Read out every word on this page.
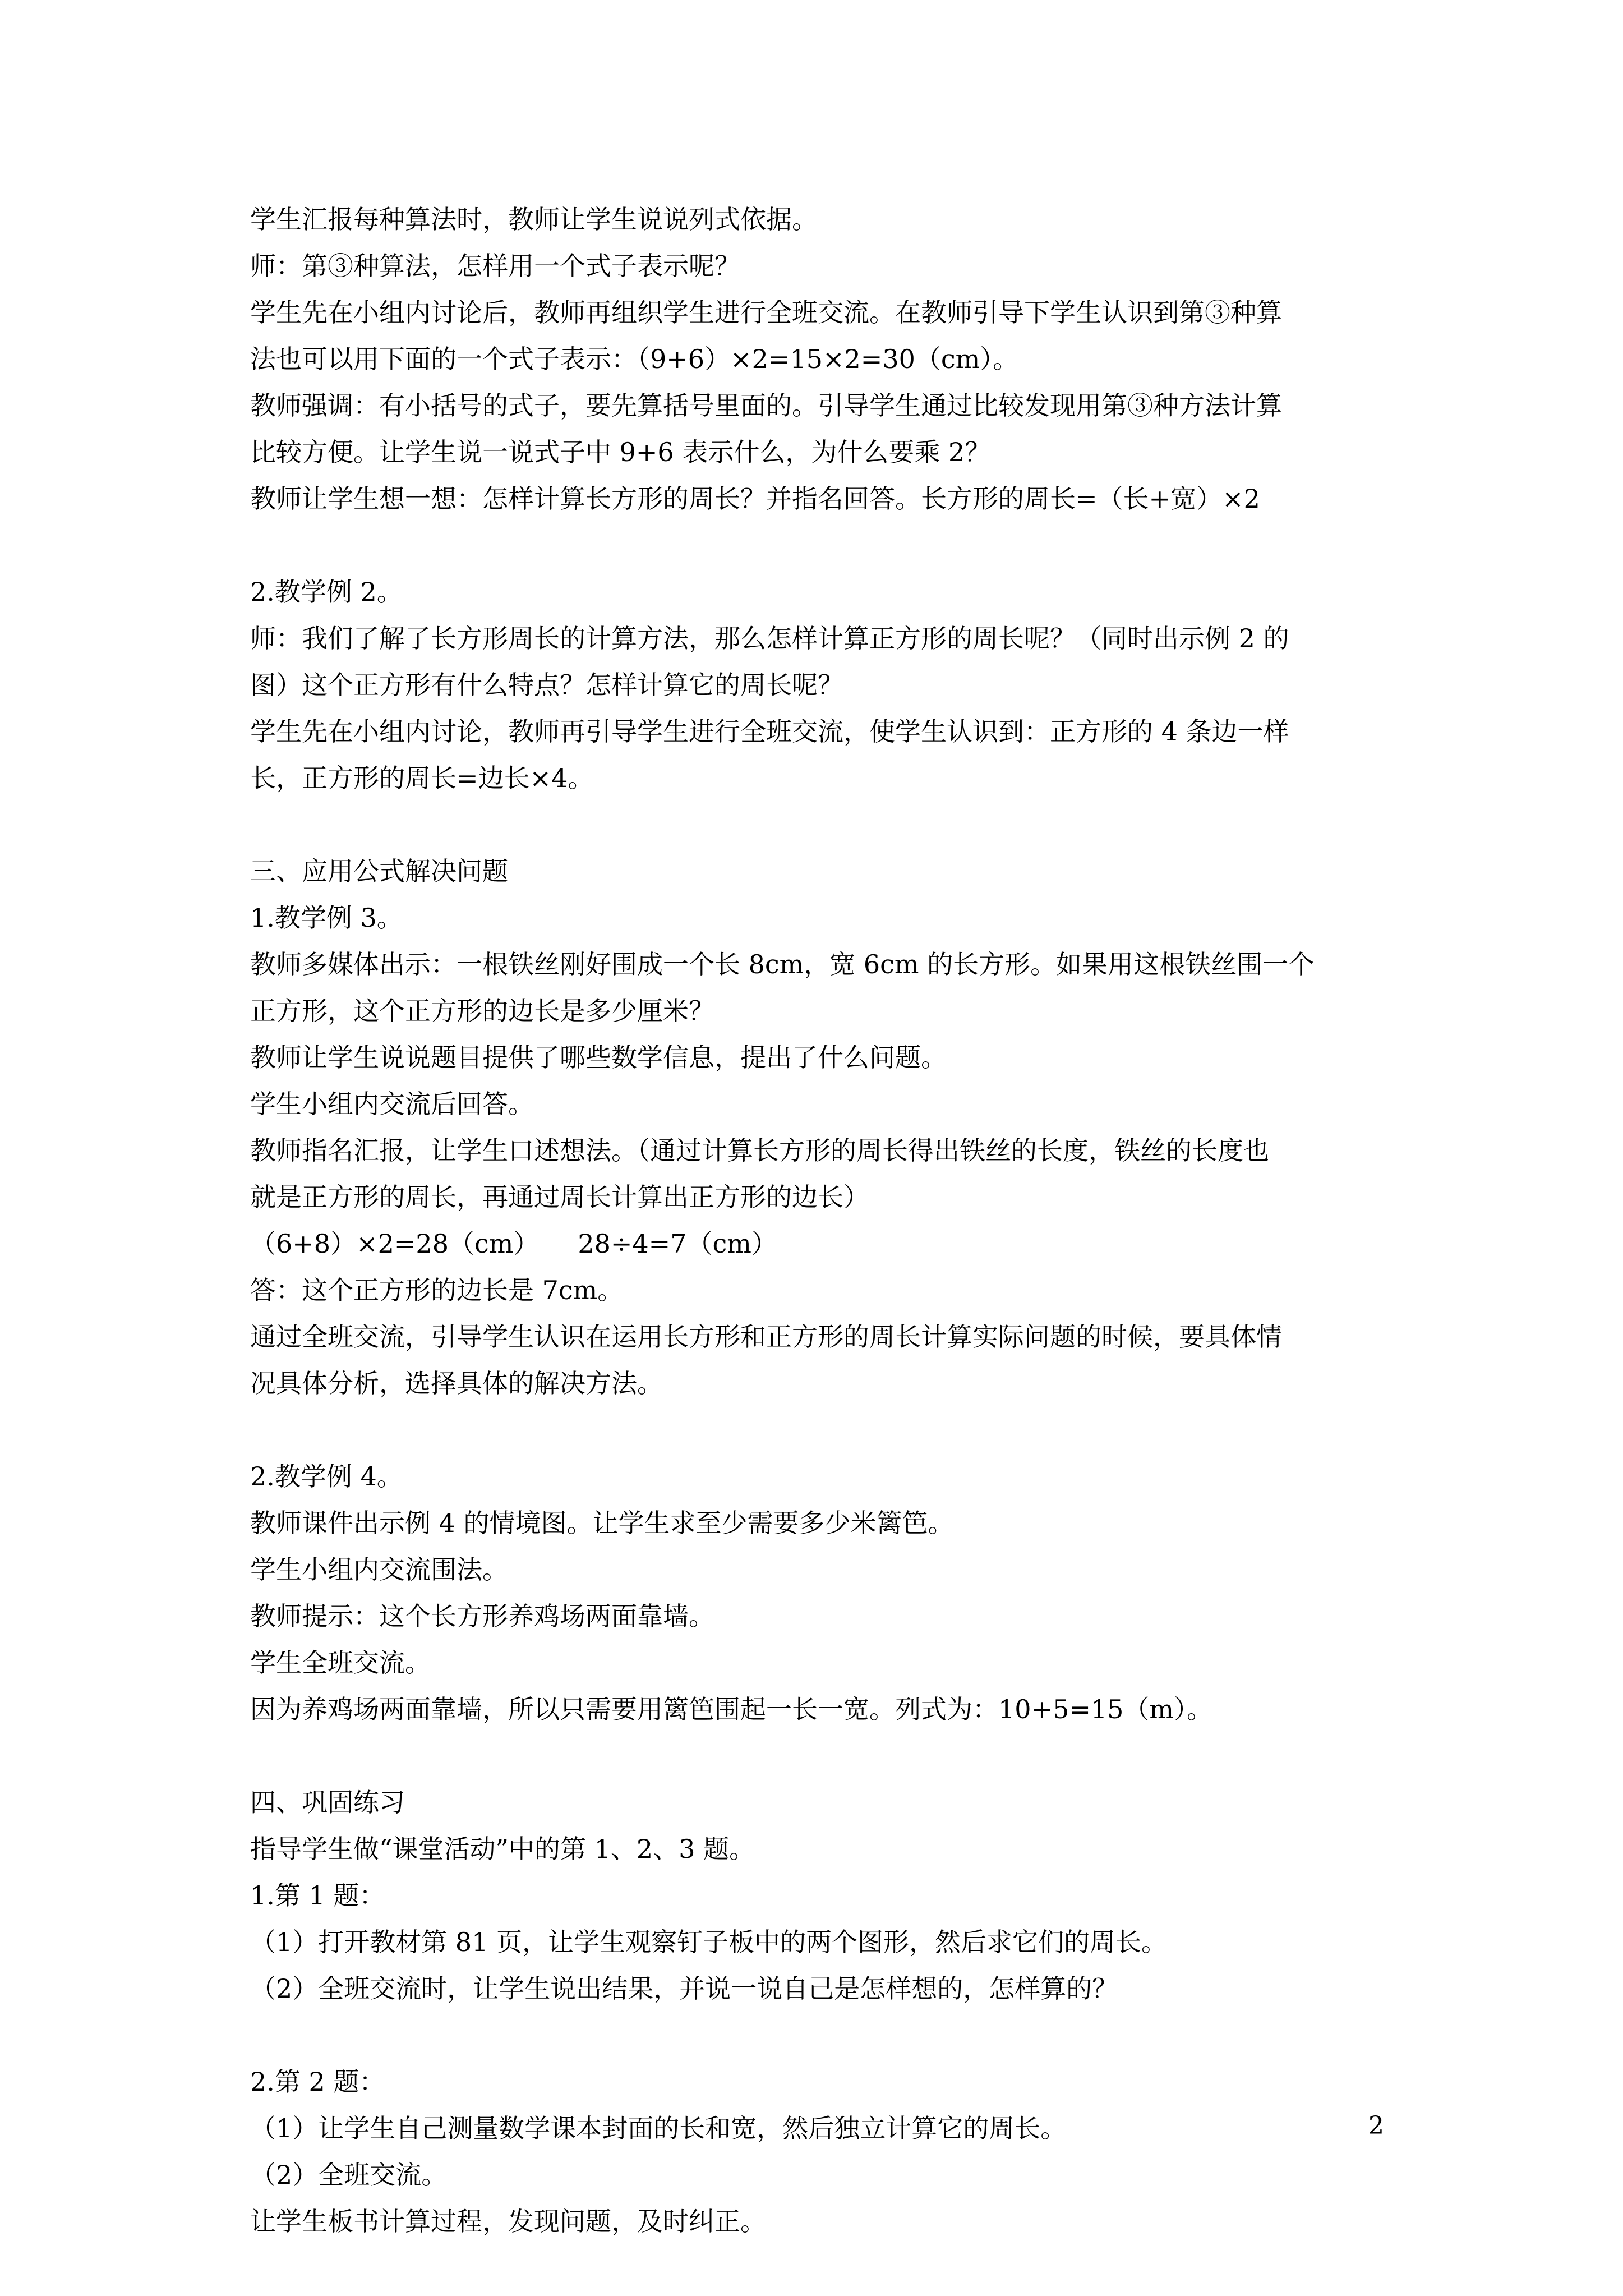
学生汇报每种算法时，教师让学生说说列式依据。
师：第③种算法，怎样用一个式子表示呢？
学生先在小组内讨论后，教师再组织学生进行全班交流。在教师引导下学生认识到第③种算
法也可以用下面的一个式子表示：（9+6）×2=15×2=30（cm）。
教师强调：有小括号的式子，要先算括号里面的。引导学生通过比较发现用第③种方法计算
比较方便。让学生说一说式子中 9+6 表示什么，为什么要乘 2？
教师让学生想一想：怎样计算长方形的周长？并指名回答。长方形的周长=（长+宽）×2
2.教学例 2。
师：我们了解了长方形周长的计算方法，那么怎样计算正方形的周长呢？（同时出示例 2 的
图）这个正方形有什么特点？怎样计算它的周长呢？
学生先在小组内讨论，教师再引导学生进行全班交流，使学生认识到：正方形的 4 条边一样
长，正方形的周长=边长×4。
三、应用公式解决问题
1.教学例 3。
教师多媒体出示：一根铁丝刚好围成一个长 8cm，宽 6cm 的长方形。如果用这根铁丝围一个
正方形，这个正方形的边长是多少厘米？
教师让学生说说题目提供了哪些数学信息，提出了什么问题。
学生小组内交流后回答。
教师指名汇报，让学生口述想法。（通过计算长方形的周长得出铁丝的长度，铁丝的长度也
就是正方形的周长，再通过周长计算出正方形的边长）
（6+8）×2=28（cm）　　28÷4=7（cm）
答：这个正方形的边长是 7cm。
通过全班交流，引导学生认识在运用长方形和正方形的周长计算实际问题的时候，要具体情
况具体分析，选择具体的解决方法。
2.教学例 4。
教师课件出示例 4 的情境图。让学生求至少需要多少米篱笆。
学生小组内交流围法。
教师提示：这个长方形养鸡场两面靠墙。
学生全班交流。
因为养鸡场两面靠墙，所以只需要用篱笆围起一长一宽。列式为：10+5=15（m）。
四、巩固练习
指导学生做“课堂活动”中的第 1、2、3 题。
1.第 1 题：
（1）打开教材第 81 页，让学生观察钉子板中的两个图形，然后求它们的周长。
（2）全班交流时，让学生说出结果，并说一说自己是怎样想的，怎样算的？
2.第 2 题：
（1）让学生自己测量数学课本封面的长和宽，然后独立计算它的周长。
（2）全班交流。
让学生板书计算过程，发现问题，及时纠正。
2
